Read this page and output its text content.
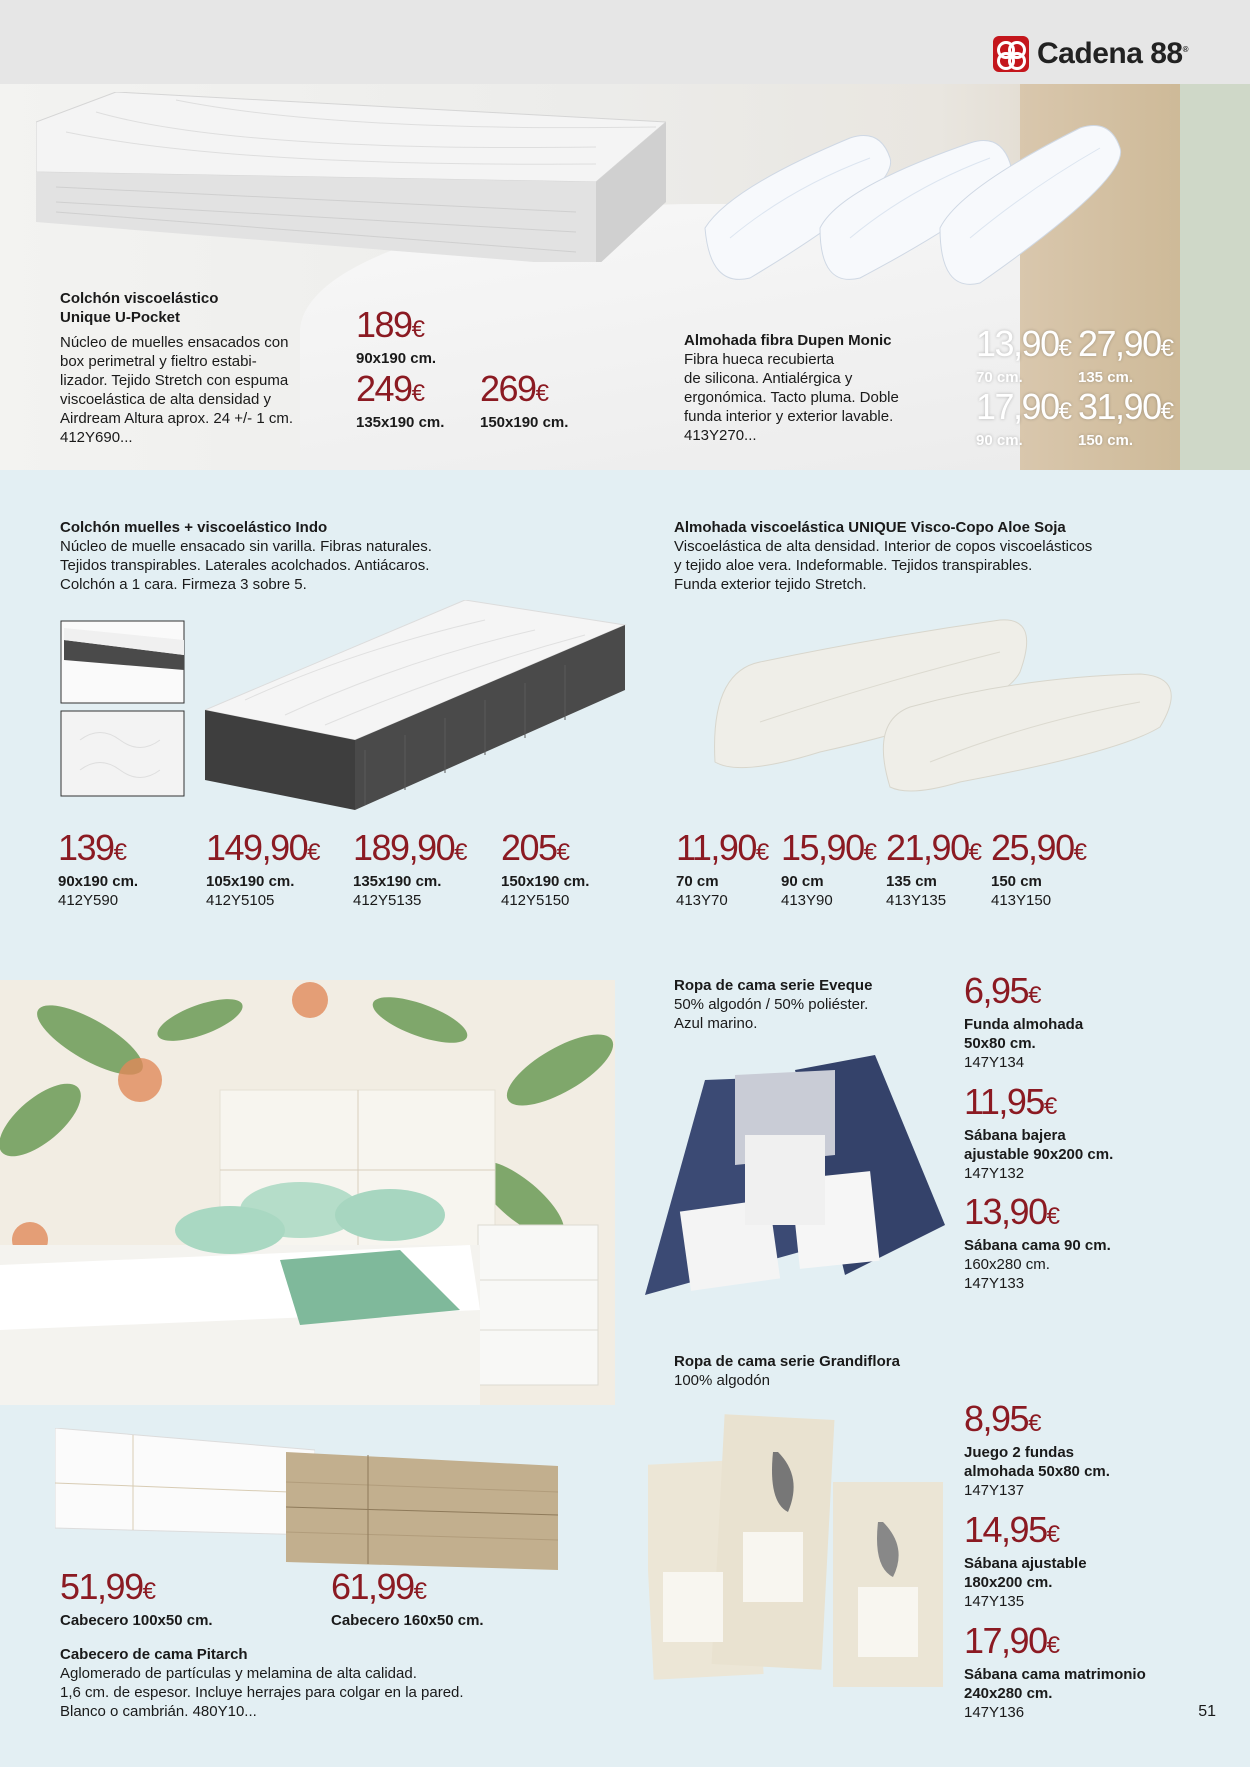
Cadena 88®
Colchón viscoelástico
Unique U-Pocket
Núcleo de muelles ensacados con
box perimetral y fieltro estabi-
lizador. Tejido Stretch con espuma
viscoelástica de alta densidad y
Airdream Altura aprox. 24 +/- 1 cm.
412Y690...
189€
90x190 cm.
249€
135x190 cm.
269€
150x190 cm.
Almohada fibra Dupen Monic
Fibra hueca recubierta
de silicona. Antialérgica y
ergonómica. Tacto pluma. Doble
funda interior y exterior lavable.
413Y270...
13,90€
70 cm.
27,90€
135 cm.
17,90€
90 cm.
31,90€
150 cm.
Colchón muelles + viscoelástico Indo
Núcleo de muelle ensacado sin varilla. Fibras naturales.
Tejidos transpirables. Laterales acolchados. Antiácaros.
Colchón a 1 cara. Firmeza 3 sobre 5.
139€
90x190 cm.
412Y590
149,90€
105x190 cm.
412Y5105
189,90€
135x190 cm.
412Y5135
205€
150x190 cm.
412Y5150
Almohada viscoelástica UNIQUE Visco-Copo Aloe Soja
Viscoelástica de alta densidad. Interior de copos viscoelásticos
y tejido aloe vera. Indeformable. Tejidos transpirables.
Funda exterior tejido Stretch.
11,90€
70 cm
413Y70
15,90€
90 cm
413Y90
21,90€
135 cm
413Y135
25,90€
150 cm
413Y150
51,99€
Cabecero 100x50 cm.
61,99€
Cabecero 160x50 cm.
Cabecero de cama Pitarch
Aglomerado de partículas y melamina de alta calidad.
1,6 cm. de espesor. Incluye herrajes para colgar en la pared.
Blanco o cambrián. 480Y10...
Ropa de cama serie Eveque
50% algodón / 50% poliéster.
Azul marino.
6,95€
Funda almohada
50x80 cm.
147Y134
11,95€
Sábana bajera
ajustable 90x200 cm.
147Y132
13,90€
Sábana cama 90 cm.
160x280 cm.
147Y133
Ropa de cama serie Grandiflora
100% algodón
8,95€
Juego 2 fundas
almohada 50x80 cm.
147Y137
14,95€
Sábana ajustable
180x200 cm.
147Y135
17,90€
Sábana cama matrimonio
240x280 cm.
147Y136	51
